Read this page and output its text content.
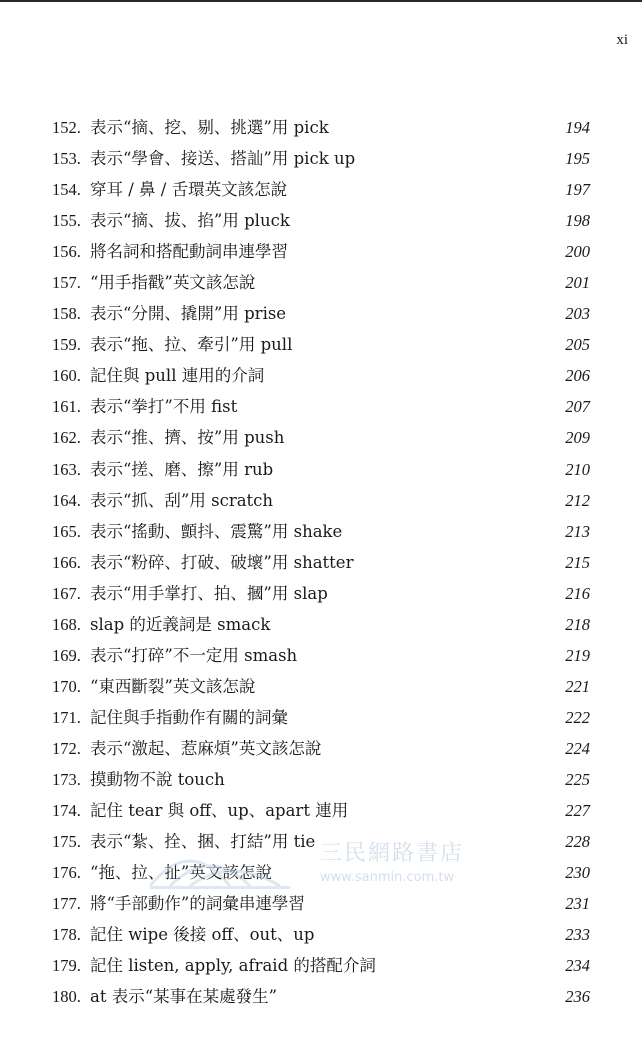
xi
152. 表示“摘、挖、剔、挑選”用 pick	194
153. 表示“學會、接送、搭訕”用 pick up	195
154. 穿耳 / 鼻 / 舌環英文該怎說	197
155. 表示“摘、拔、掐”用 pluck	198
156. 將名詞和搭配動詞串連學習	200
157. “用手指戳”英文該怎說	201
158. 表示“分開、撬開”用 prise	203
159. 表示“拖、拉、牽引”用 pull	205
160. 記住與 pull 連用的介詞	206
161. 表示“拳打”不用 fist	207
162. 表示“推、擠、按”用 push	209
163. 表示“搓、磨、擦”用 rub	210
164. 表示“抓、刮”用 scratch	212
165. 表示“搖動、顫抖、震驚”用 shake	213
166. 表示“粉碎、打破、破壞”用 shatter	215
167. 表示“用手掌打、拍、摑”用 slap	216
168. slap 的近義詞是 smack	218
169. 表示“打碎”不一定用 smash	219
170. “東西斷裂”英文該怎說	221
171. 記住與手指動作有關的詞彙	222
172. 表示“激起、惹麻煩”英文該怎說	224
173. 摸動物不說 touch	225
174. 記住 tear 與 off、up、apart 連用	227
175. 表示“紮、拴、捆、打結”用 tie	228
176. “拖、拉、扯”英文該怎說	230
177. 將“手部動作”的詞彙串連學習	231
178. 記住 wipe 後接 off、out、up	233
179. 記住 listen, apply, afraid 的搭配介詞	234
180. at 表示“某事在某處發生”	236
三民網路書店
www.sanmin.com.tw
